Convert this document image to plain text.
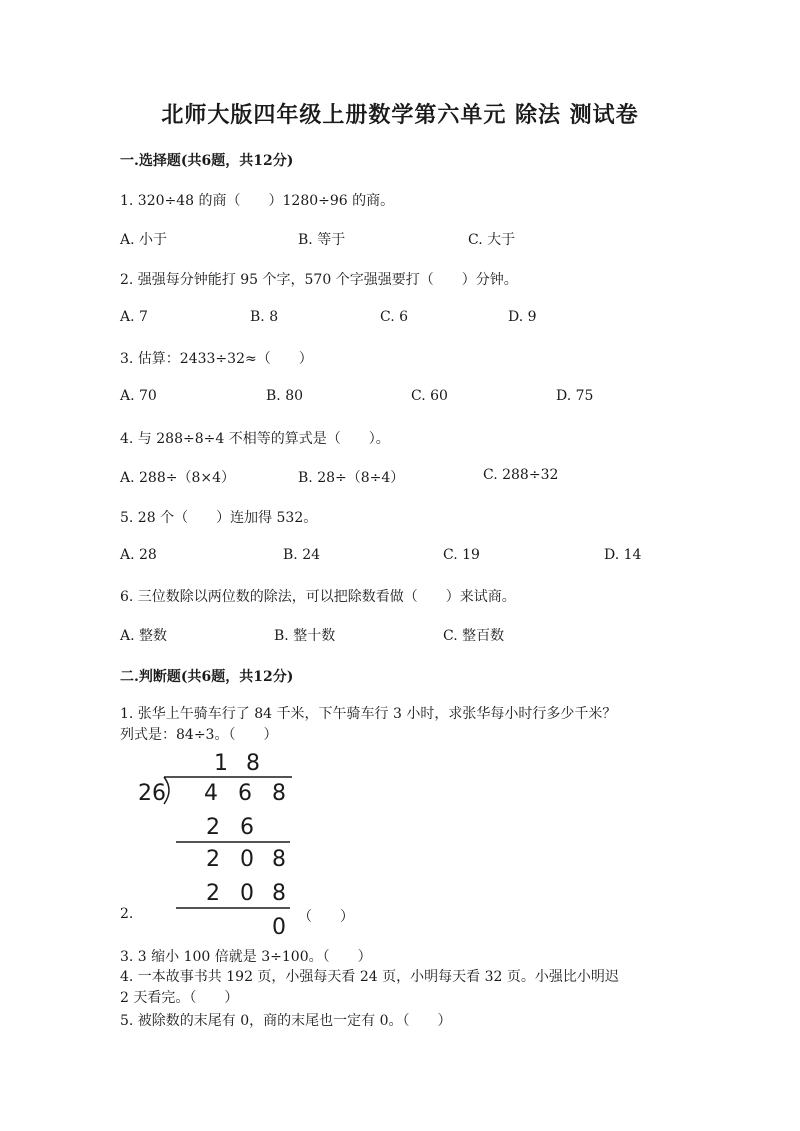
北师大版四年级上册数学第六单元 除法 测试卷
一.选择题(共6题，共12分)
1. 320÷48 的商（　　）1280÷96 的商。
A. 小于	B. 等于	C. 大于
2. 强强每分钟能打 95 个字，570 个字强强要打（　　）分钟。
A. 7	B. 8	C. 6	D. 9
3. 估算：2433÷32≈（　　）
A. 70	B. 80	C. 60	D. 75
4. 与 288÷8÷4 不相等的算式是（　　）。
A. 288÷（8×4）	B. 28÷（8÷4）	C. 288÷32
5. 28 个（　　）连加得 532。
A. 28	B. 24	C. 19	D. 14
6. 三位数除以两位数的除法，可以把除数看做（　　）来试商。
A. 整数	B. 整十数	C. 整百数
二.判断题(共6题，共12分)
1. 张华上午骑车行了 84 千米，下午骑车行 3 小时，求张华每小时行多少千米？
列式是：84÷3。（　　）
1 8
26 4 6 8
2 6
2 0 8
2 0 8
0
2.	（　　）
3. 3 缩小 100 倍就是 3÷100。（　　）
4. 一本故事书共 192 页，小强每天看 24 页，小明每天看 32 页。小强比小明迟
2 天看完。（　　）
5. 被除数的末尾有 0，商的末尾也一定有 0。（　　）
